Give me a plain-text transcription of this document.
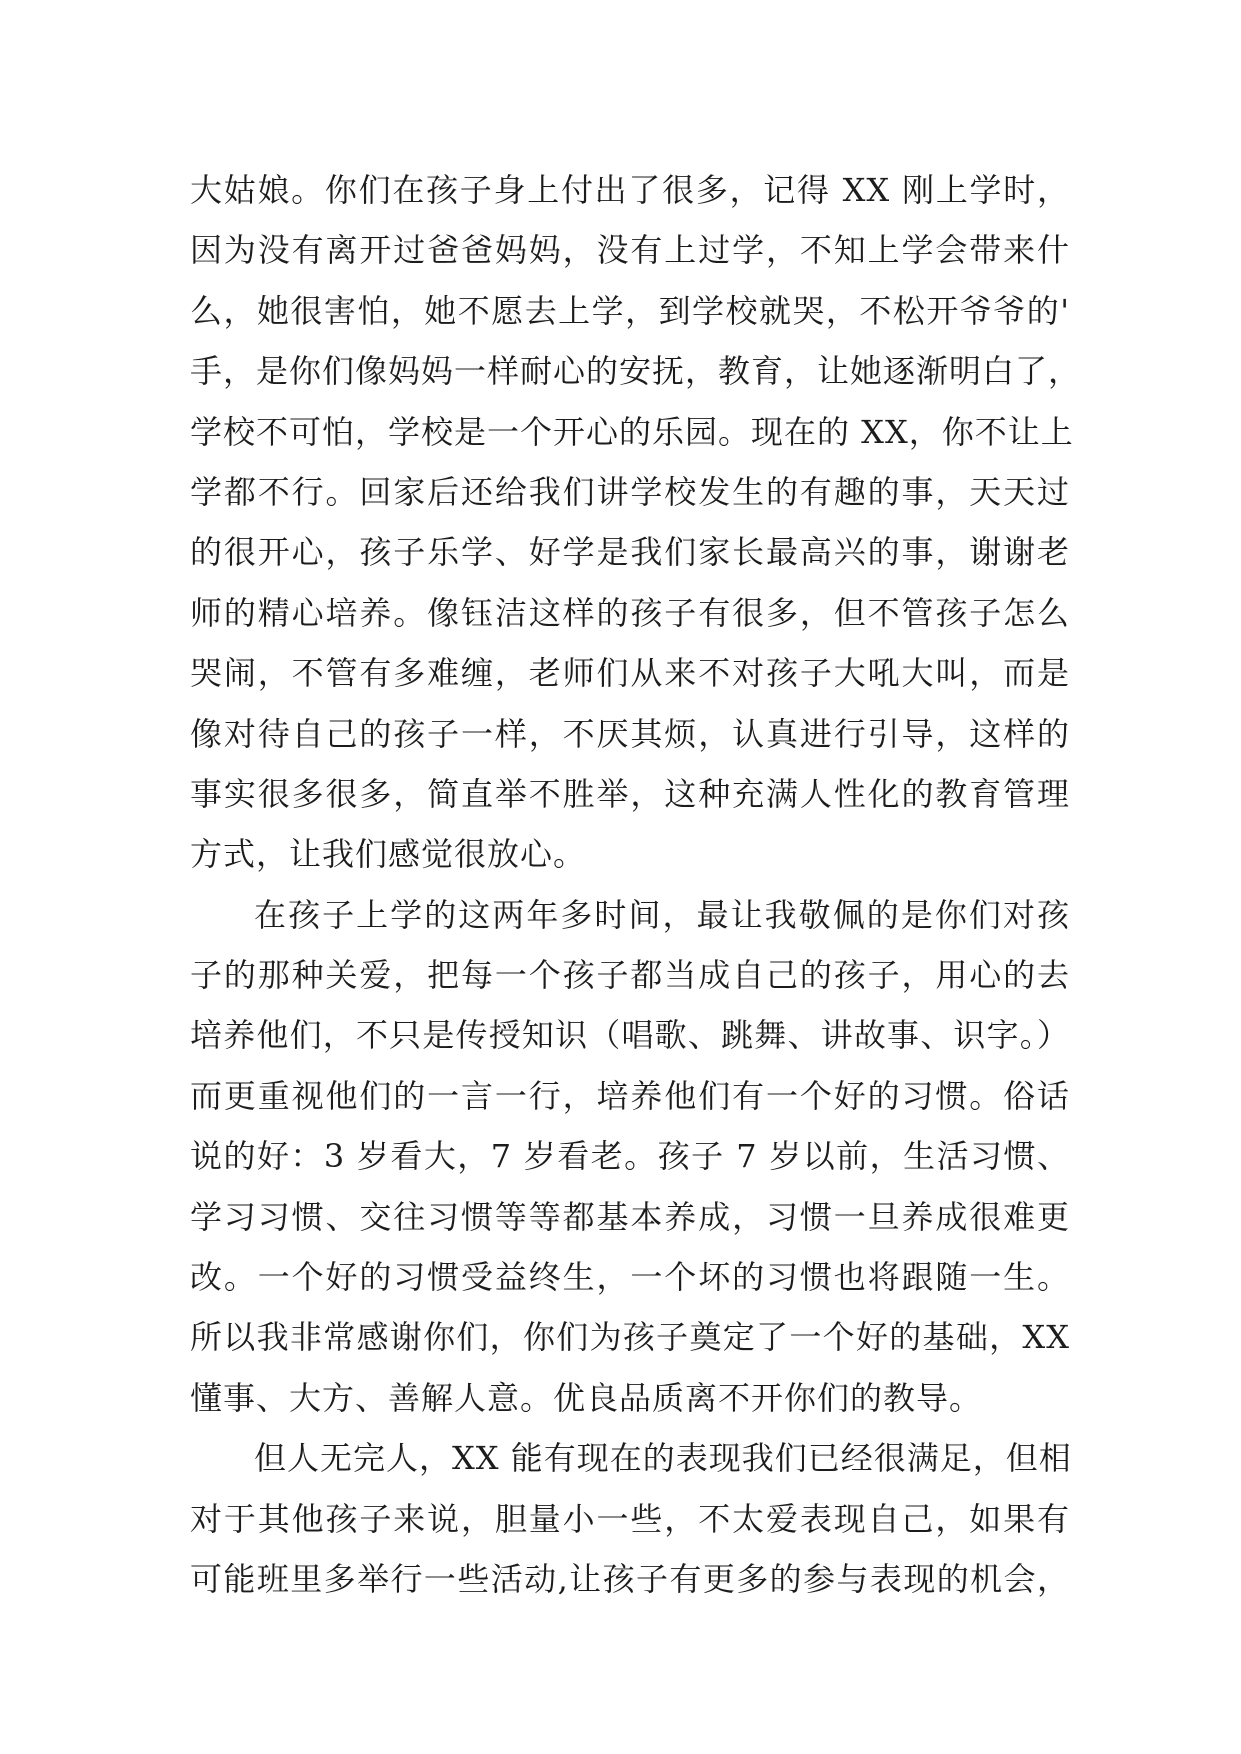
大姑娘。你们在孩子身上付出了很多，记得 XX 刚上学时，
因为没有离开过爸爸妈妈，没有上过学，不知上学会带来什
么，她很害怕，她不愿去上学，到学校就哭，不松开爷爷的'
手，是你们像妈妈一样耐心的安抚，教育，让她逐渐明白了，
学校不可怕，学校是一个开心的乐园。现在的 XX，你不让上
学都不行。回家后还给我们讲学校发生的有趣的事，天天过
的很开心，孩子乐学、好学是我们家长最高兴的事，谢谢老
师的精心培养。像钰洁这样的孩子有很多，但不管孩子怎么
哭闹，不管有多难缠，老师们从来不对孩子大吼大叫，而是
像对待自己的孩子一样，不厌其烦，认真进行引导，这样的
事实很多很多，简直举不胜举，这种充满人性化的教育管理
方式，让我们感觉很放心。
在孩子上学的这两年多时间，最让我敬佩的是你们对孩
子的那种关爱，把每一个孩子都当成自己的孩子，用心的去
培养他们，不只是传授知识（唱歌、跳舞、讲故事、识字。）
而更重视他们的一言一行，培养他们有一个好的习惯。俗话
说的好：3 岁看大，7 岁看老。孩子 7 岁以前，生活习惯、
学习习惯、交往习惯等等都基本养成，习惯一旦养成很难更
改。一个好的习惯受益终生，一个坏的习惯也将跟随一生。
所以我非常感谢你们，你们为孩子奠定了一个好的基础，XX
懂事、大方、善解人意。优良品质离不开你们的教导。
但人无完人，XX 能有现在的表现我们已经很满足，但相
对于其他孩子来说，胆量小一些，不太爱表现自己，如果有
可能班里多举行一些活动,让孩子有更多的参与表现的机会，
